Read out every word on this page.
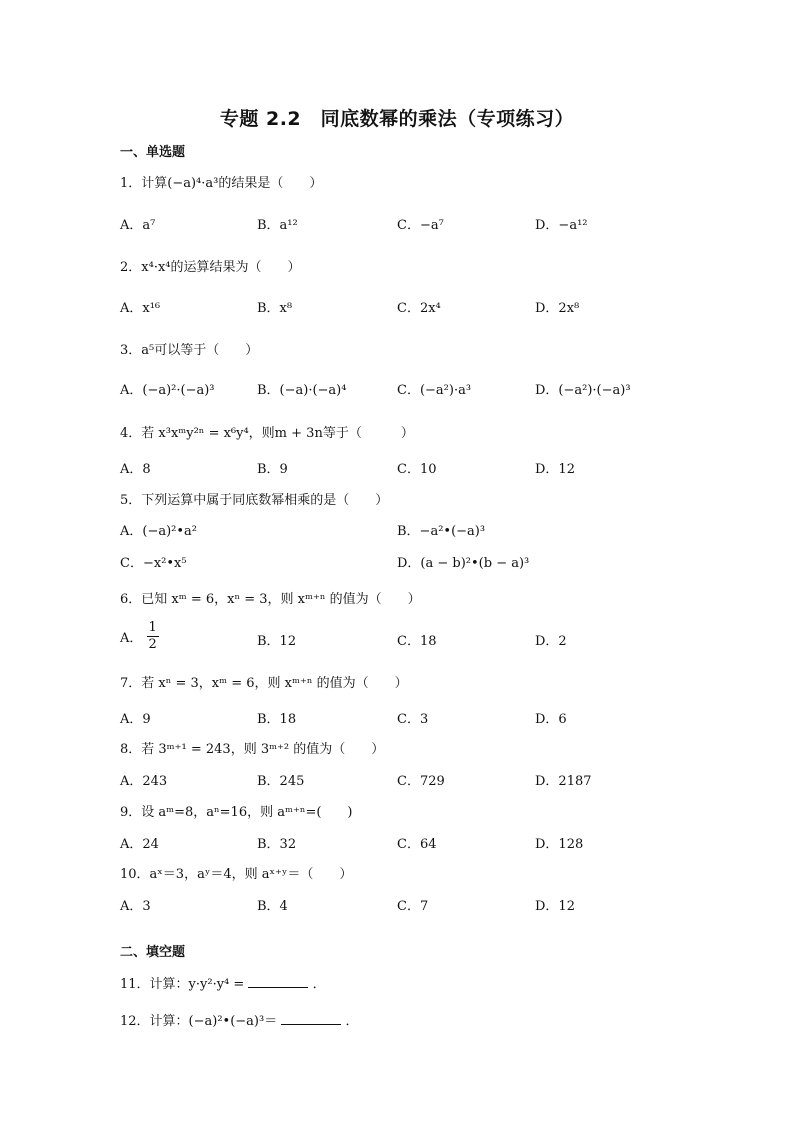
专题 2.2　同底数幂的乘法（专项练习）
一、单选题
1．计算(−a)⁴·a³的结果是（　　）
A．a⁷	B．a¹²	C．−a⁷	D．−a¹²
2．x⁴·x⁴的运算结果为（　　）
A．x¹⁶	B．x⁸	C．2x⁴	D．2x⁸
3．a⁵可以等于（　　）
A．(−a)²·(−a)³	B．(−a)·(−a)⁴	C．(−a²)·a³	D．(−a²)·(−a)³
4．若 x³xᵐy²ⁿ = x⁶y⁴，则m + 3n等于（　　　）
A．8	B．9	C．10	D．12
5．下列运算中属于同底数幂相乘的是（　　）
A．(−a)²•a²	B．−a²•(−a)³
C．−x²•x⁵	D．(a − b)²•(b − a)³
6．已知 xᵐ = 6，xⁿ = 3，则 xᵐ⁺ⁿ 的值为（　　）
A． $\frac{1}{2}$	B．12	C．18	D．2
7．若 xⁿ = 3，xᵐ = 6，则 xᵐ⁺ⁿ 的值为（　　）
A．9	B．18	C．3	D．6
8．若 3ᵐ⁺¹ = 243，则 3ᵐ⁺² 的值为（　　）
A．243	B．245	C．729	D．2187
9．设 aᵐ=8，aⁿ=16，则 aᵐ⁺ⁿ=(　　)
A．24	B．32	C．64	D．128
10．aˣ＝3，aʸ＝4，则 aˣ⁺ʸ＝（　　）
A．3	B．4	C．7	D．12
二、填空题
11．计算：y·y²·y⁴ =	．
12．计算：(−a)²•(−a)³＝	．
